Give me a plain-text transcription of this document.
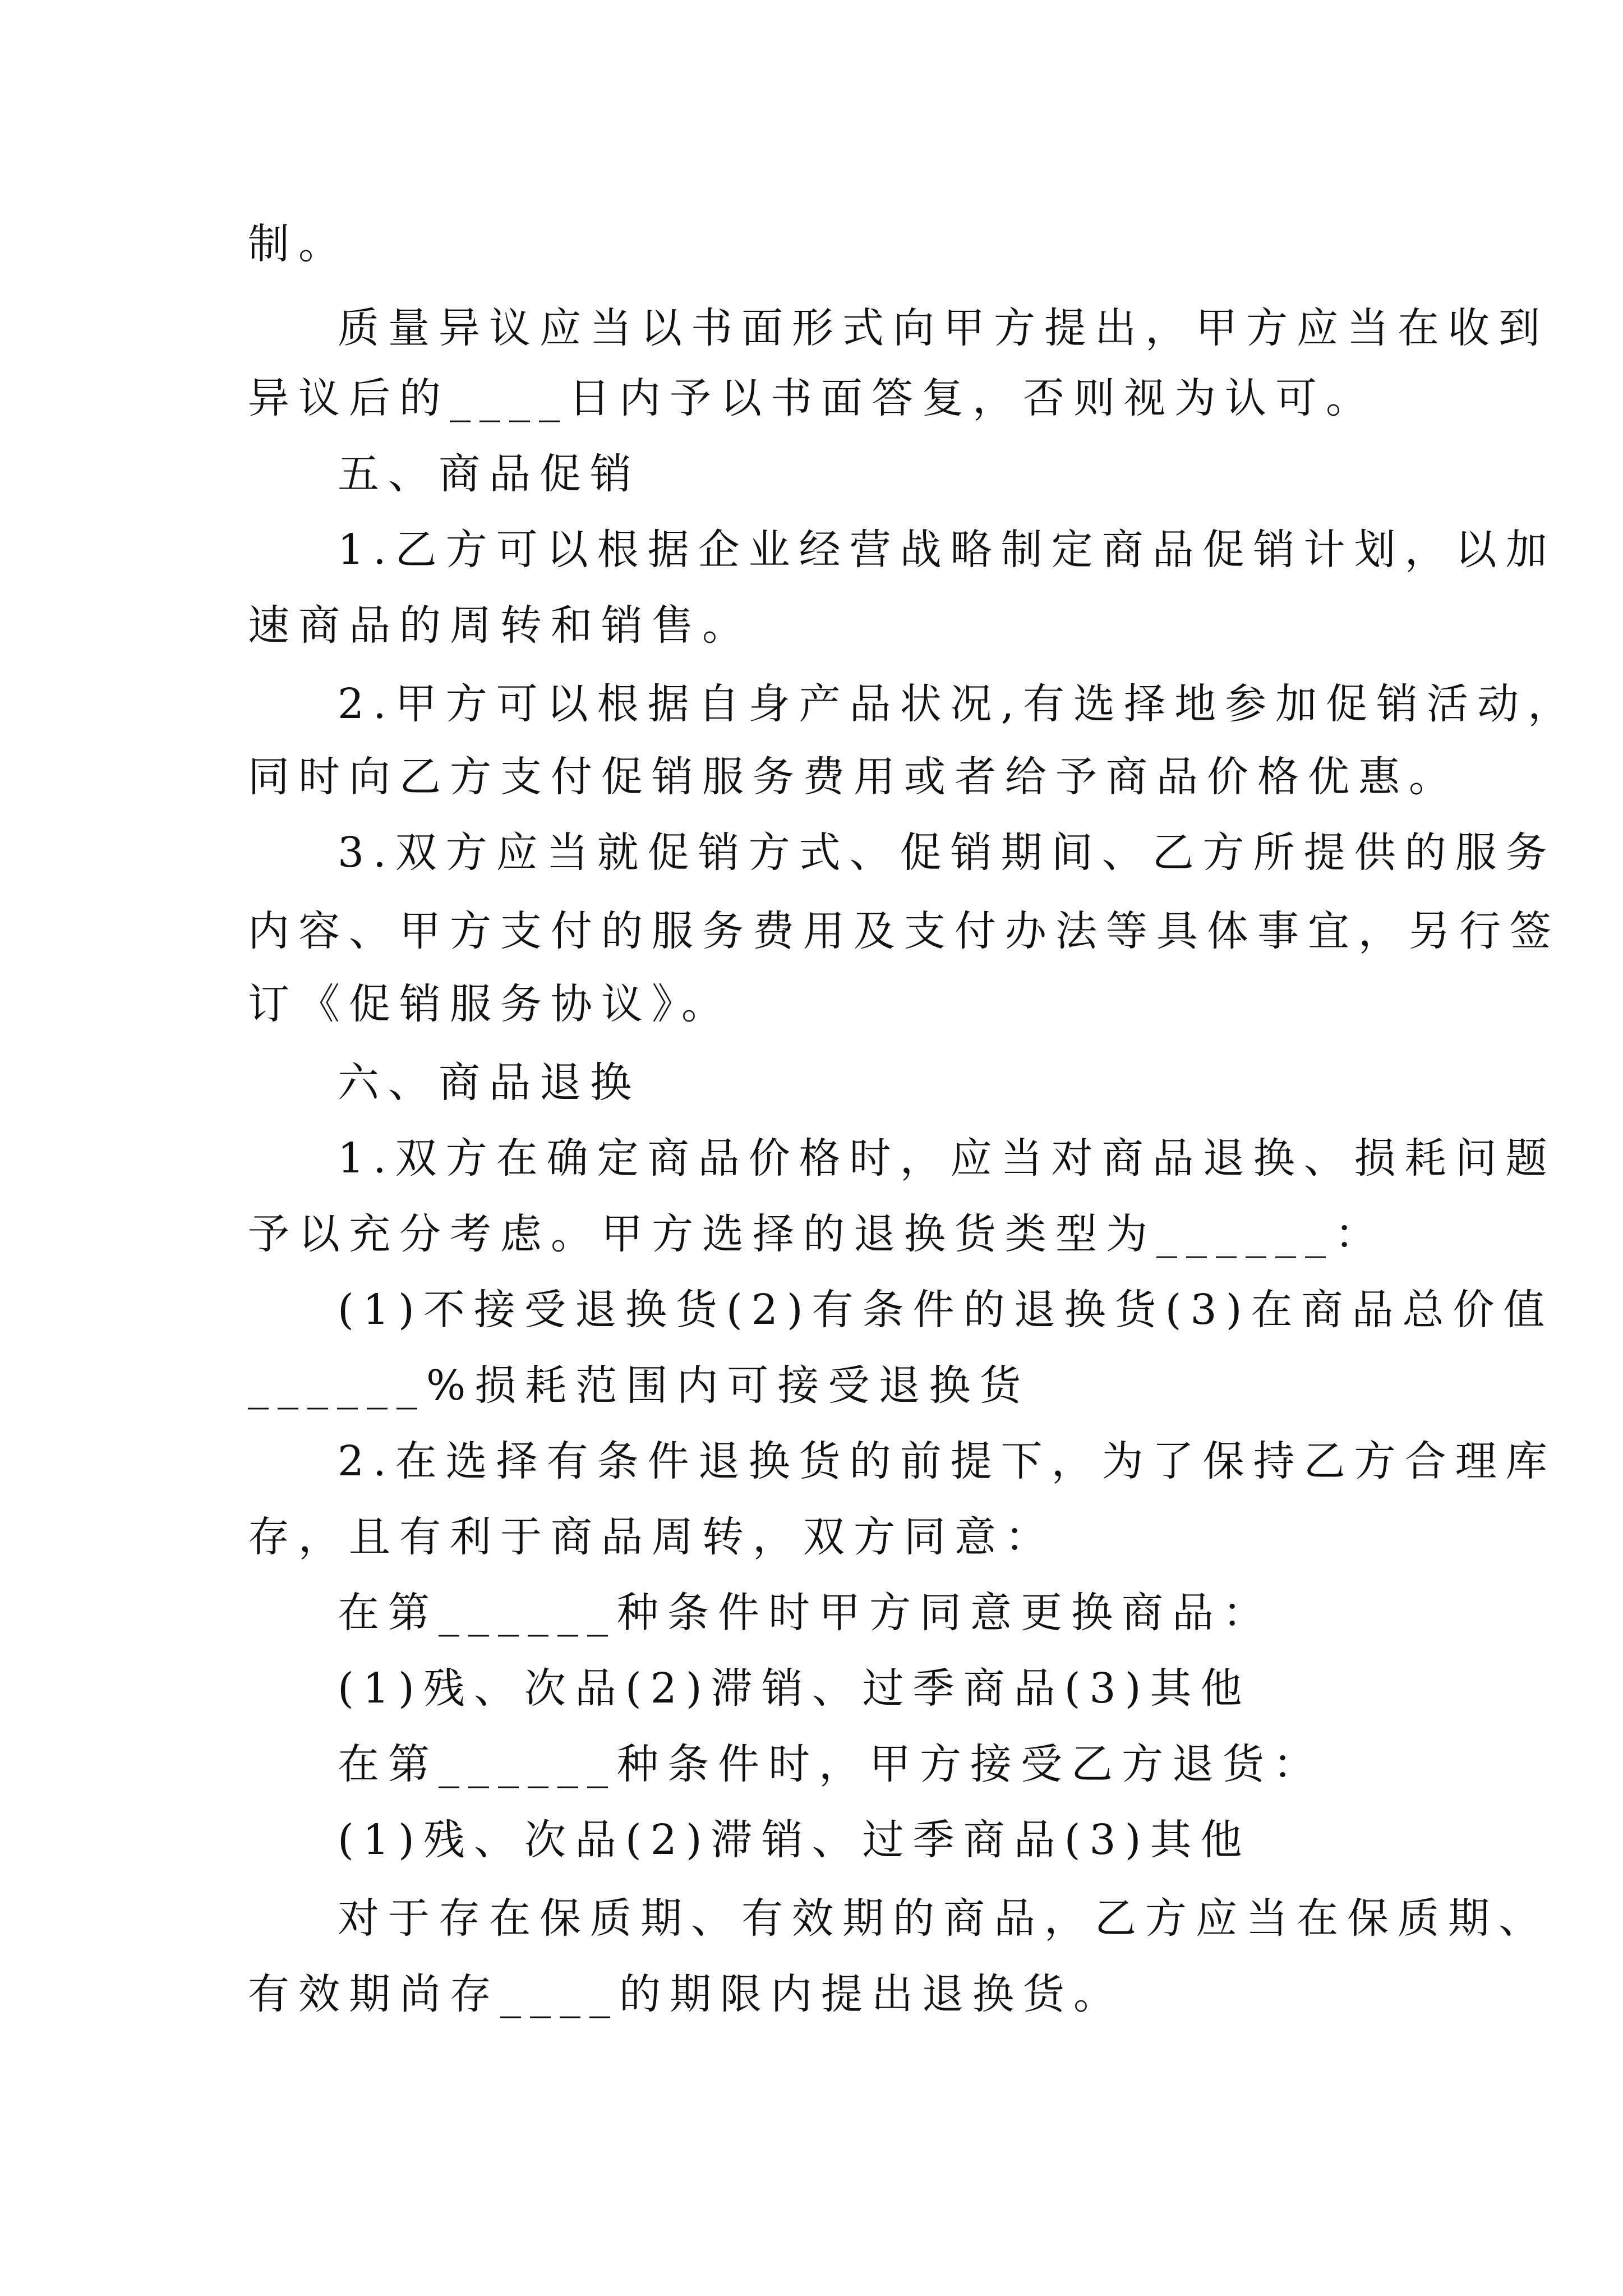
制。
质量异议应当以书面形式向甲方提出，甲方应当在收到
异议后的____日内予以书面答复，否则视为认可。
五、商品促销
1.乙方可以根据企业经营战略制定商品促销计划，以加
速商品的周转和销售。
2.甲方可以根据自身产品状况,有选择地参加促销活动，
同时向乙方支付促销服务费用或者给予商品价格优惠。
3.双方应当就促销方式、促销期间、乙方所提供的服务
内容、甲方支付的服务费用及支付办法等具体事宜，另行签
订《促销服务协议》。
六、商品退换
1.双方在确定商品价格时，应当对商品退换、损耗问题
予以充分考虑。甲方选择的退换货类型为______：
(1)不接受退换货(2)有条件的退换货(3)在商品总价值
______%损耗范围内可接受退换货
2.在选择有条件退换货的前提下，为了保持乙方合理库
存，且有利于商品周转，双方同意：
在第______种条件时甲方同意更换商品：
(1)残、次品(2)滞销、过季商品(3)其他
在第______种条件时，甲方接受乙方退货：
(1)残、次品(2)滞销、过季商品(3)其他
对于存在保质期、有效期的商品，乙方应当在保质期、
有效期尚存____的期限内提出退换货。
